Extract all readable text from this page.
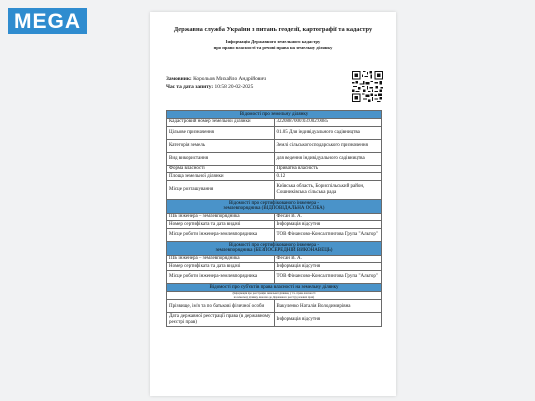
MEGA	Державна служба України з питань геодезії, картографії та кадастру
Інформація Державного земельного кадастру
про право власності та речові права на земельну ділянку
Замовник: Корольов Михайло Андрійович
Час та дата запиту: 10:58 20-02-2025
Відомості про земельну ділянку	
Кадастровий номер земельної ділянки	3220887000:03:002:0085
Цільове призначення	01.05 Для індивідуального садівництва
Категорія земель	Землі сільськогосподарського призначення
Вид використання	для ведення індивідуального садівництва
Форма власності	Приватна власність
Площа земельної ділянки	0.12
Місце розташування	Київська область, Бориспільський район, Сошниківська сільська рада

Відомості про сертифікованого інженера -
землевпорядника (ВІДПОВІДАЛЬНА ОСОБА)	

ПІБ інженера – землевпорядника	Фесан В. А.
Номер сертифіката та дата видачі	Інформація відсутня
Місце роботи інженера-землевпорядника	ТОВ Фінансово-Консалтингова Група "Альтор"

Відомості про сертифікованого інженера -
землевпорядника (БЕЗПОСЕРЕДНІЙ ВИКОНАВЕЦЬ)	

ПІБ інженера – землевпорядника	Фесан В. А.
Номер сертифіката та дата видачі	Інформація відсутня
Місце роботи інженера-землевпорядника	ТОВ Фінансово-Консалтингова Група "Альтор"
Відомості про суб'єктів права власності на земельну ділянку	

(Інформація про реєстрацію земельної ділянки, у т.ч. право власності
на земельну ділянку, внесена до Державного реєстру речових прав)	

Прізвище, ім'я та по батькові фізичної особи	Вакуленко Наталія Володимирівна
Дата державної реєстрації права (в державному реєстрі прав)	Інформація відсутня
